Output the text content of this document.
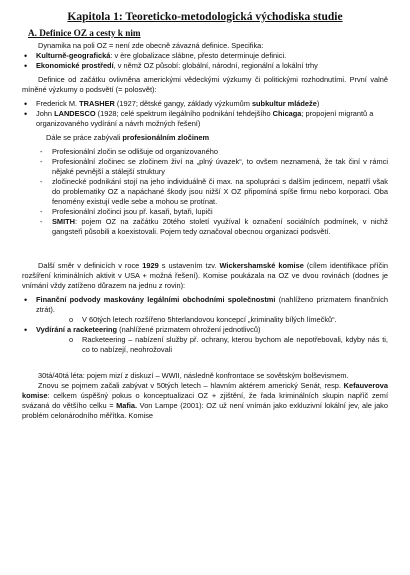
Kapitola 1: Teoreticko-metodologická východiska studie
A. Definice OZ a cesty k nim

Dynamika na poli OZ = není zde obecně závazná definice. Specifika:

• Kulturně-geografická: v ère globalizace slábne, přesto determinuje definici.
• Ekonomické prostředí, v němž OZ působí: globální, národní, regionální a lokální trhy

Definice od začátku ovlivněna americkými vědeckými výzkumy či politickými rozhodnutími. První valně míněné výzkumy o podsvětí (= polosvět):

• Frederick M. TRASHER (1927; dětské gangy, základy výzkumům subkultur mládeže)
• John LANDESCO (1928; celé spektrum ilegálního podnikání tehdejšího Chicaga; propojení migrantů a organizovaného vydírání a návrh možných řešení)

Dále se práce zabývali profesionálním zločinem

- Profesionální zločin se odlišuje od organizovaného
- Profesionální zločinec se zločinem živí na „plný úvazek“, to ovšem neznamená, že tak činí v rámci nějaké pevnější a stálejší struktury
- zločinecké podnikání stojí na jeho individuálně či max. na spolupráci s dalším jedincem, nepatří však do problematiky OZ a napáchané škody jsou nižší X OZ připomíná spíše firmu nebo korporaci. Oba fenomény existují vedle sebe a mohou se protínat.
- Profesionální zločinci jsou př. kasaři, bytaři, lupiči
- SMITH: pojem OZ na začátku 20tého století využíval k označení sociálních podmínek, v nichž gangsteři působili a koexistovali. Pojem tedy označoval obecnou organizaci podsvětí.

Další směr v definicích v roce 1929 s ustavením tzv. Wickershamské komise (cílem identifikace příčin rozšíření kriminálních aktivit v USA + možná řešení). Komise poukázala na OZ ve dvou rovinách (dodnes je vnímání vždy zatíženo důrazem na jednu z rovin):

• Finanční podvody maskovány legálními obchodními společnostmi (nahlíženo prizmatem finančních ztrát).
o V 60tých letech rozšířeno 5hterlandovou koncepcí „kriminality bílých límečků“.
• Vydírání a racketeering (nahlížené prizmatem ohrožení jednotlivců)
o Racketeering – nabízení služby př. ochrany, kterou bychom ale nepotřebovali, kdyby nás ti, co to nabízejí, neohrožovali

30tá/40tá léta: pojem mizí z diskuzí – WWII, následně konfrontace se sovětským bolševismem.

Znovu se pojmem začali zabývat v 50tých letech – hlavním aktérem americký Senát, resp. Kefauverova komise: celkem úspěšný pokus o konceptualizaci OZ + zjištění, že řada kriminálních skupin napříč zemí svázaná do většího celku = Mafia. Von Lampe (2001): OZ už není vnímán jako exkluzivní lokální jev, ale jako problém celonárodního měřítka. Komise
